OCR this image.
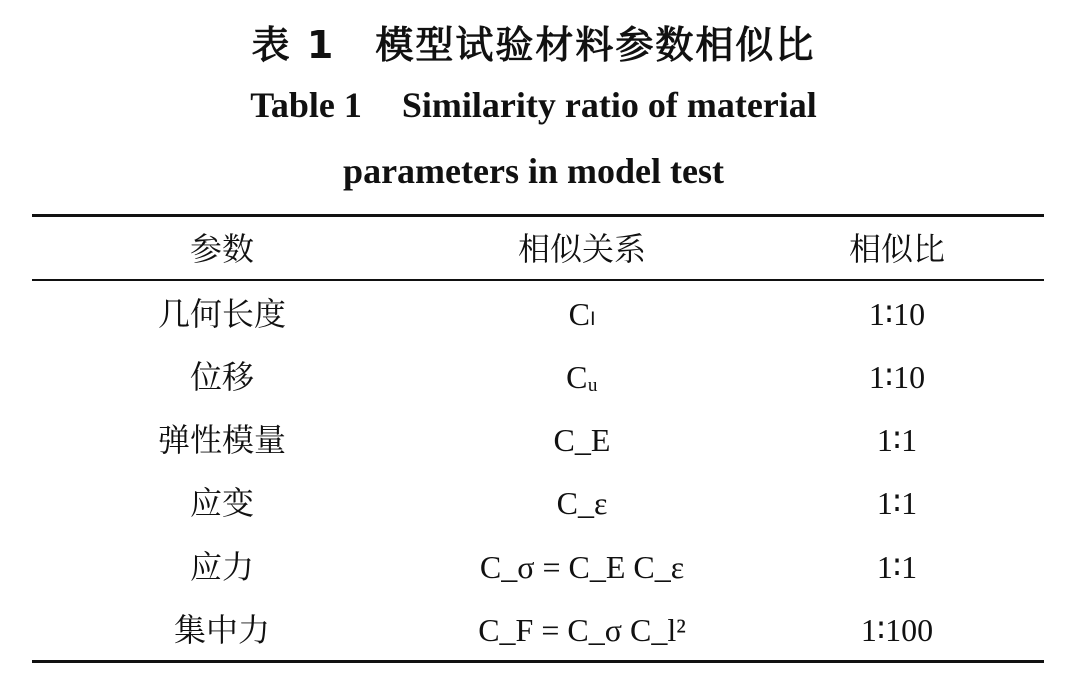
表 1 模型试验材料参数相似比
Table 1 Similarity ratio of material
parameters in model test
参数	相似关系	相似比
几何长度	Cₗ	1∶10
位移	Cᵤ	1∶10
弹性模量	C_E	1∶1
应变	C_ε	1∶1
应力	C_σ = C_E C_ε	1∶1
集中力	C_F = C_σ C_l²	1∶100
